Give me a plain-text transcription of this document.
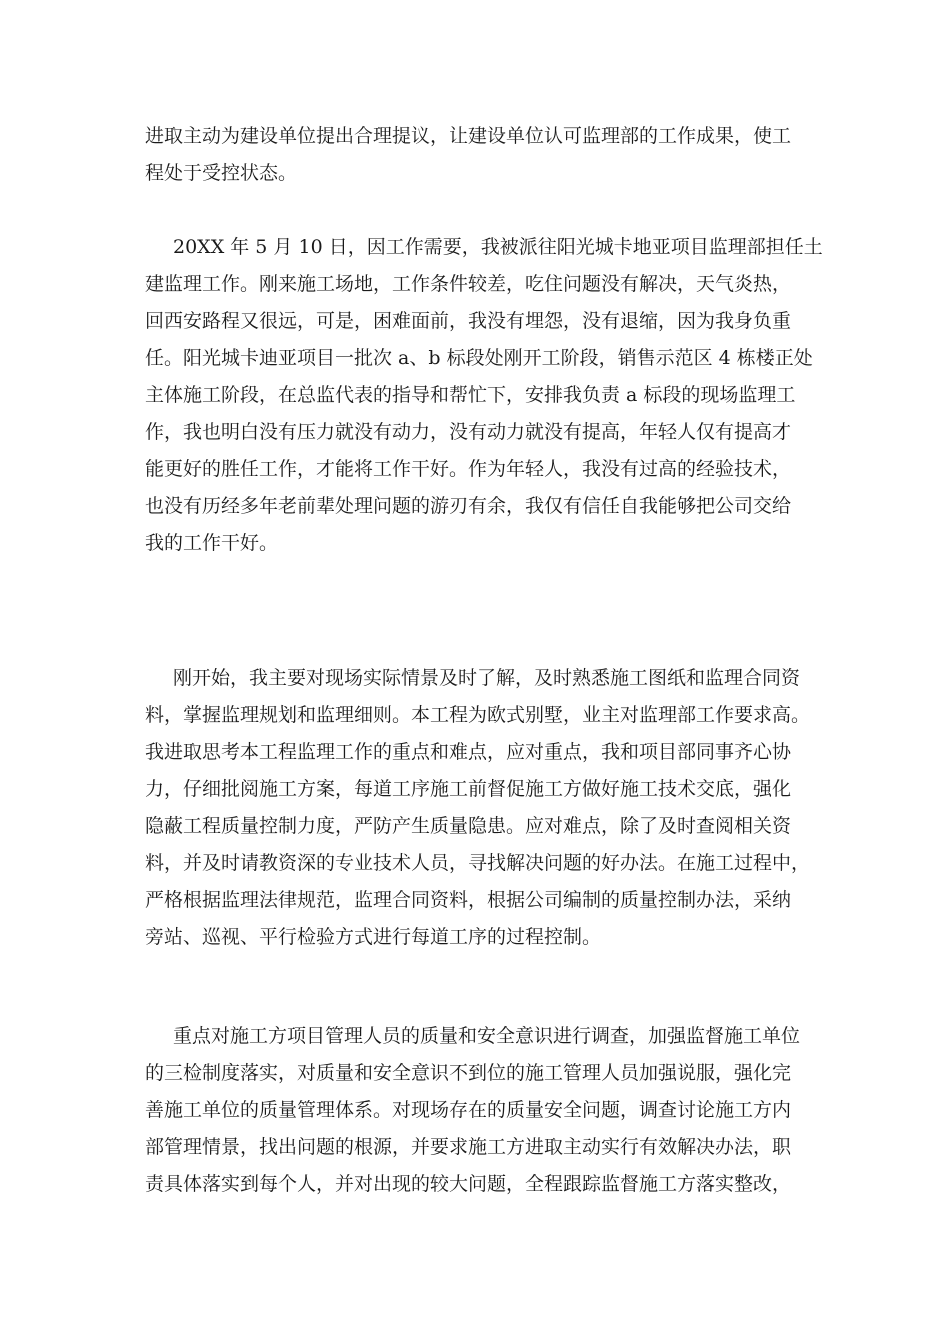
进取主动为建设单位提出合理提议，让建设单位认可监理部的工作成果，使工
程处于受控状态。
20XX 年 5 月 10 日，因工作需要，我被派往阳光城卡地亚项目监理部担任土
建监理工作。刚来施工场地，工作条件较差，吃住问题没有解决，天气炎热，
回西安路程又很远，可是，困难面前，我没有埋怨，没有退缩，因为我身负重
任。阳光城卡迪亚项目一批次 a、b 标段处刚开工阶段，销售示范区 4 栋楼正处
主体施工阶段，在总监代表的指导和帮忙下，安排我负责 a 标段的现场监理工
作，我也明白没有压力就没有动力，没有动力就没有提高，年轻人仅有提高才
能更好的胜任工作，才能将工作干好。作为年轻人，我没有过高的经验技术，
也没有历经多年老前辈处理问题的游刃有余，我仅有信任自我能够把公司交给
我的工作干好。
刚开始，我主要对现场实际情景及时了解，及时熟悉施工图纸和监理合同资
料，掌握监理规划和监理细则。本工程为欧式别墅，业主对监理部工作要求高。
我进取思考本工程监理工作的重点和难点，应对重点，我和项目部同事齐心协
力，仔细批阅施工方案，每道工序施工前督促施工方做好施工技术交底，强化
隐蔽工程质量控制力度，严防产生质量隐患。应对难点，除了及时查阅相关资
料，并及时请教资深的专业技术人员，寻找解决问题的好办法。在施工过程中，
严格根据监理法律规范，监理合同资料，根据公司编制的质量控制办法，采纳
旁站、巡视、平行检验方式进行每道工序的过程控制。
重点对施工方项目管理人员的质量和安全意识进行调查，加强监督施工单位
的三检制度落实，对质量和安全意识不到位的施工管理人员加强说服，强化完
善施工单位的质量管理体系。对现场存在的质量安全问题，调查讨论施工方内
部管理情景，找出问题的根源，并要求施工方进取主动实行有效解决办法，职
责具体落实到每个人，并对出现的较大问题，全程跟踪监督施工方落实整改，
